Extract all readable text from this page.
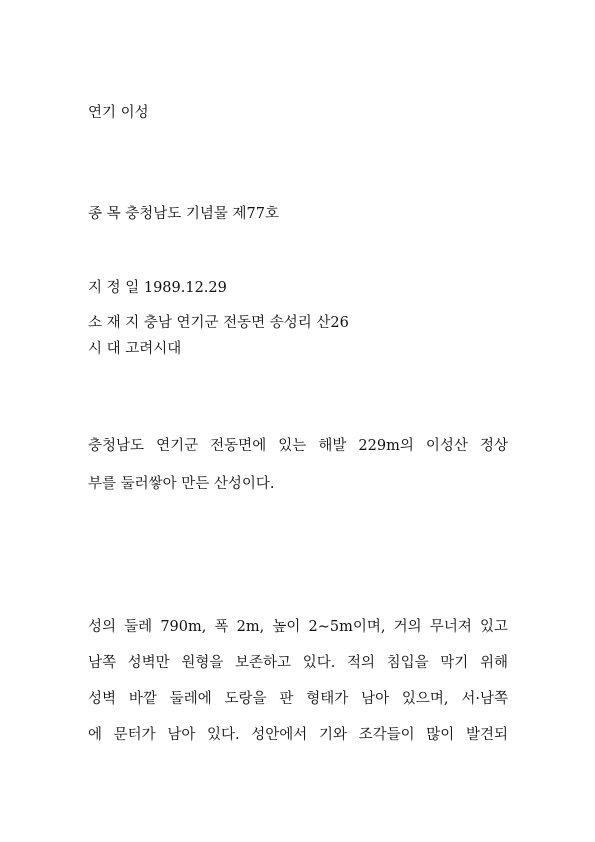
연기 이성

종 목 충청남도 기념물 제77호

지 정 일 1989.12.29

소 재 지 충남 연기군 전동면 송성리 산26

시 대 고려시대

충청남도 연기군 전동면에 있는 해발 229m의 이성산 정상

부를 둘러쌓아 만든 산성이다.

성의 둘레 790m, 폭 2m, 높이 2∼5m이며, 거의 무너져 있고

남쪽 성벽만 원형을 보존하고 있다. 적의 침입을 막기 위해

성벽 바깥 둘레에 도랑을 판 형태가 남아 있으며, 서·남쪽

에 문터가 남아 있다. 성안에서 기와 조각들이 많이 발견되
